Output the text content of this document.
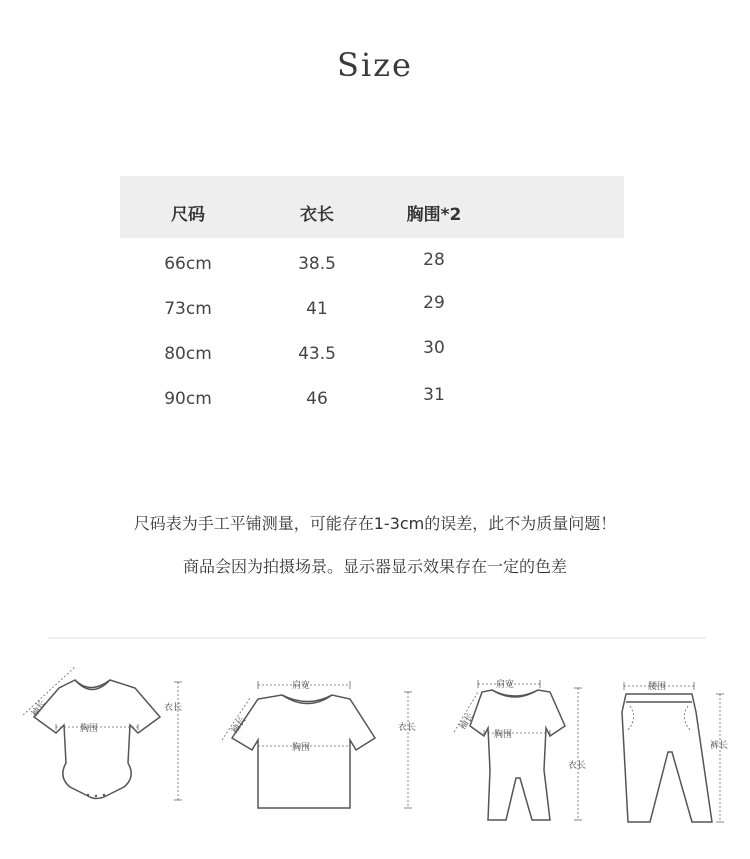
Size
尺码	衣长	胸围*2
66cm	38.5	28
73cm	41	29
80cm	43.5	30
90cm	46	31
尺码表为手工平铺测量，可能存在1-3cm的误差，此不为质量问题！
商品会因为拍摄场景。显示器显示效果存在一定的色差
胸围
袖长	衣长
肩宽
胸围
袖长	衣长
肩宽
胸围
袖长
衣长
腰围
裤长
